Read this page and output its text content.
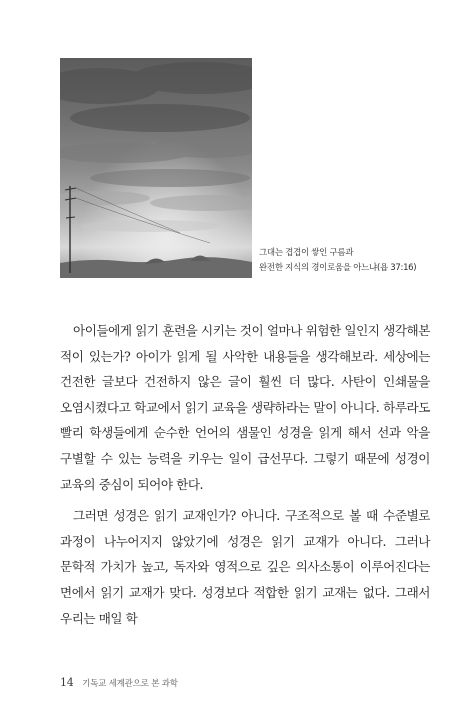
그대는 겹겹이 쌓인 구름과
완전한 지식의 경이로움을 아느냐(욥 37:16)

아이들에게 읽기 훈련을 시키는 것이 얼마나 위험한 일인지 생각해본 적이 있는가? 아이가 읽게 될 사악한 내용들을 생각해보라. 세상에는 건전한 글보다 건전하지 않은 글이 훨씬 더 많다. 사탄이 인쇄물을 오염시켰다고 학교에서 읽기 교육을 생략하라는 말이 아니다. 하루라도 빨리 학생들에게 순수한 언어의 샘물인 성경을 읽게 해서 선과 악을 구별할 수 있는 능력을 키우는 일이 급선무다. 그렇기 때문에 성경이 교육의 중심이 되어야 한다.

그러면 성경은 읽기 교재인가? 아니다. 구조적으로 볼 때 수준별로 과정이 나누어지지 않았기에 성경은 읽기 교재가 아니다. 그러나 문학적 가치가 높고, 독자와 영적으로 깊은 의사소통이 이루어진다는 면에서 읽기 교재가 맞다. 성경보다 적합한 읽기 교재는 없다. 그래서 우리는 매일 학

14 기독교 세계관으로 본 과학
